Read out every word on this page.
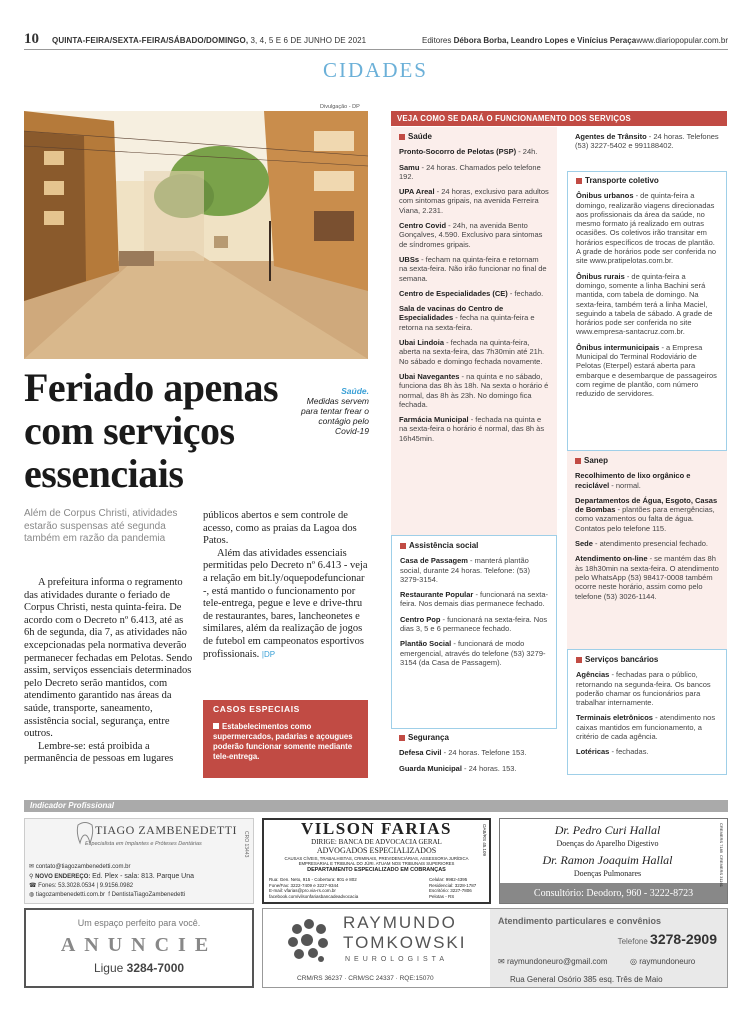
10 QUINTA-FEIRA/SEXTA-FEIRA/SÁBADO/DOMINGO, 3, 4, 5 E 6 DE JUNHO DE 2021	Editores Débora Borba, Leandro Lopes e Vinícius Peraça www.diariopopular.com.br
CIDADES
Divulgação - DP
Saúde.
Medidas servem para tentar frear o contágio pelo Covid-19
Feriado apenas com serviços essenciais
Além de Corpus Christi, atividades estarão suspensas até segunda também em razão da pandemia

A prefeitura informa o regramento das atividades durante o feriado de Corpus Christi, nesta quinta-feira. De acordo com o Decreto nº 6.413, até as 6h de segunda, dia 7, as atividades não excepcionadas pela normativa deverão permanecer fechadas em Pelotas. Sendo assim, serviços essenciais determinados pelo Decreto serão mantidos, com atendimento garantido nas áreas da saúde, transporte, saneamento, assistência social, segurança, entre outros.

Lembre-se: está proibida a permanência de pessoas em lugares

públicos abertos e sem controle de acesso, como as praias da Lagoa dos Patos.

Além das atividades essenciais permitidas pelo Decreto nº 6.413 - veja a relação em bit.ly/oquepodefuncionar -, está mantido o funcionamento por tele-entrega, pegue e leve e drive-thru de restaurantes, bares, lancheonetes e similares, além da realização de jogos de futebol em campeonatos esportivos profissionais. |DP

CASOS ESPECIAIS
Estabelecimentos como supermercados, padarias e açougues poderão funcionar somente mediante tele-entrega.
VEJA COMO SE DARÁ O FUNCIONAMENTO DOS SERVIÇOS

Saúde

Pronto-Socorro de Pelotas (PSP) - 24h.

Samu - 24 horas. Chamados pelo telefone 192.

UPA Areal - 24 horas, exclusivo para adultos com sintomas gripais, na avenida Ferreira Viana, 2.231.

Centro Covid - 24h, na avenida Bento Gonçalves, 4.590. Exclusivo para sintomas de síndromes gripais.

UBSs - fecham na quinta-feira e retornam na sexta-feira. Não irão funcionar no final de semana.

Centro de Especialidades (CE) - fechado.

Sala de vacinas do Centro de Especialidades - fecha na quinta-feira e retorna na sexta-feira.

Ubai Lindoia - fechada na quinta-feira, aberta na sexta-feira, das 7h30min até 21h. No sábado e domingo fechada novamente.

Ubai Navegantes - na quinta e no sábado, funciona das 8h às 18h. Na sexta o horário é normal, das 8h às 23h. No domingo fica fechada.

Farmácia Municipal - fechada na quinta e na sexta-feira o horário é normal, das 8h às 16h45min.

Assistência social

Casa de Passagem - manterá plantão social, durante 24 horas. Telefone: (53) 3279-3154.

Restaurante Popular - funcionará na sexta-feira. Nos demais dias permanece fechado.

Centro Pop - funcionará na sexta-feira. Nos dias 3, 5 e 6 permanece fechado.

Plantão Social - funcionará de modo emergencial, através do telefone (53) 3279-3154 (da Casa de Passagem).

Segurança

Defesa Civil - 24 horas. Telefone 153.

Guarda Municipal - 24 horas. 153.

Agentes de Trânsito - 24 horas. Telefones (53) 3227-5402 e 991188402.

Transporte coletivo

Ônibus urbanos - de quinta-feira a domingo, realizarão viagens direcionadas aos profissionais da área da saúde, no mesmo formato já realizado em outras ocasiões. Os coletivos irão transitar em horários específicos de trocas de plantão. A grade de horários pode ser conferida no site www.pratipelotas.com.br.

Ônibus rurais - de quinta-feira a domingo, somente a linha Bachini será mantida, com tabela de domingo. Na sexta-feira, também terá a linha Maciel, seguindo a tabela de sábado. A grade de horários pode ser conferida no site www.empresa-santacruz.com.br.

Ônibus intermunicipais - a Empresa Municipal do Terminal Rodoviário de Pelotas (Eterpel) estará aberta para embarque e desembarque de passageiros com regime de plantão, com número reduzido de servidores.

Sanep

Recolhimento de lixo orgânico e reciclável - normal.

Departamentos de Água, Esgoto, Casas de Bombas - plantões para emergências, como vazamentos ou falta de água. Contatos pelo telefone 115.

Sede - atendimento presencial fechado.

Atendimento on-line - se mantém das 8h às 18h30min na sexta-feira. O atendimento pelo WhatsApp (53) 98417-0008 também ocorre neste horário, assim como pelo telefone (53) 3026-1144.

Serviços bancários

Agências - fechadas para o público, retornando na segunda-feira. Os bancos poderão chamar os funcionários para trabalhar internamente.

Terminais eletrônicos - atendimento nos caixas mantidos em funcionamento, a critério de cada agência.

Lotéricas - fechadas.

Indicador Profissional
TIAGO ZAMBENEDETTI
Especialista em Implantes e Próteses Dentárias	CRO 13443
✉ contato@tiagozambenedetti.com.br
⚲ NOVO ENDEREÇO: Ed. Plex - sala: 813. Parque Una
☎ Fones: 53.3028.0534 | 9.9156.0982
◍ tiagozambenedetti.com.br f DentistaTiagoZambenedetti
VILSON FARIAS
DIRIGE: BANCA DE ADVOCACIA GERAL
ADVOGADOS ESPECIALIZADOS
CAUSAS CÍVEIS, TRABALHISTAS, CRIMINAIS, PREVIDENCIÁRIAS, ASSESSORIA JURÍDICA EMPRESARIAL E TRIBUNAL DO JÚRI. ATUAM NOS TRIBUNAIS SUPERIORES
DEPARTAMENTO ESPECIALIZADO EM COBRANÇAS
Rua: Gen. Neto, 915 - Cobertura: 801 e 802
Fone/Fax: 3222-7409 e 3227-9344
E-mail: vfarias@pro.via-rs.com.br
facebook.com/vilsonfariasbancadeadvocacia
Celular: 9982-4395
Residencial: 3228-1787
Escritório: 3227-7806
Pelotas - RS
OAB/RS 45.109	Dr. Pedro Curi Hallal
Doenças do Aparelho Digestivo
Dr. Ramon Joaquim Hallal
Doenças Pulmonares
Consultório: Deodoro, 960 - 3222-8723
CREMERS 7185
CREMERS 31161
Um espaço perfeito para você.
ANUNCIE
Ligue 3284-7000
RAYMUNDO
TOMKOWSKI
NEUROLOGISTA
CRM/RS 36237 · CRM/SC 24337 · RQE:15070
Atendimento particulares e convênios
Telefone 3278-2909
✉ raymundoneuro@gmail.com	◎ raymundoneuro
Rua General Osório 385 esq. Três de Maio
